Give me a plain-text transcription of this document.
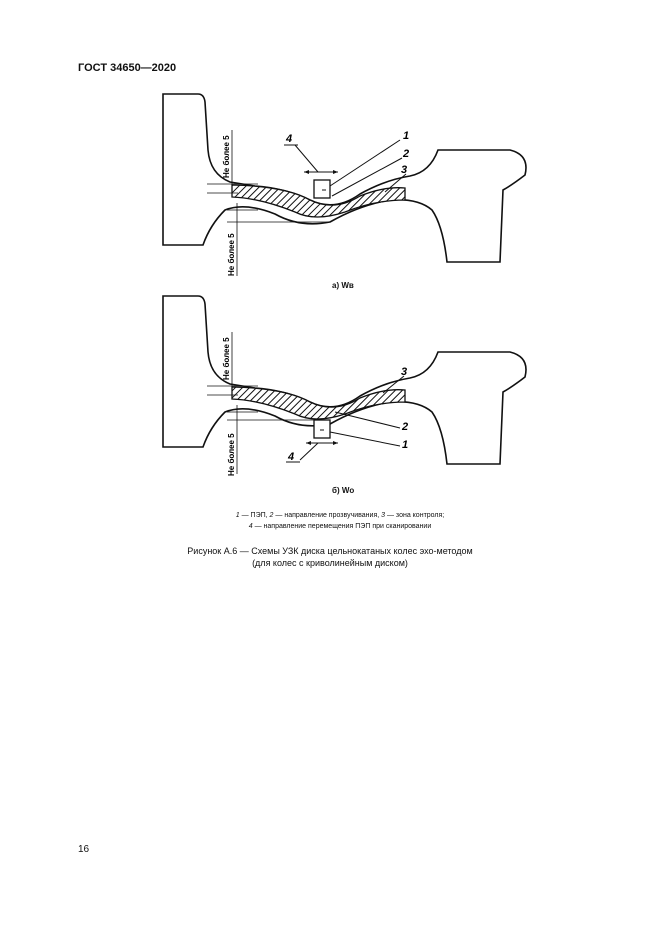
ГОСТ 34650—2020
4	1
2
3
Не более 5
Не более 5
4
1
2
3
Не более 5
Не более 5
а) Wв
б) Wо
1 — ПЭП, 2 — направление прозвучивания, 3 — зона контроля;
4 — направление перемещения ПЭП при сканировании
Рисунок А.6 — Схемы УЗК диска цельнокатаных колес эхо-методом
(для колес с криволинейным диском)
16
